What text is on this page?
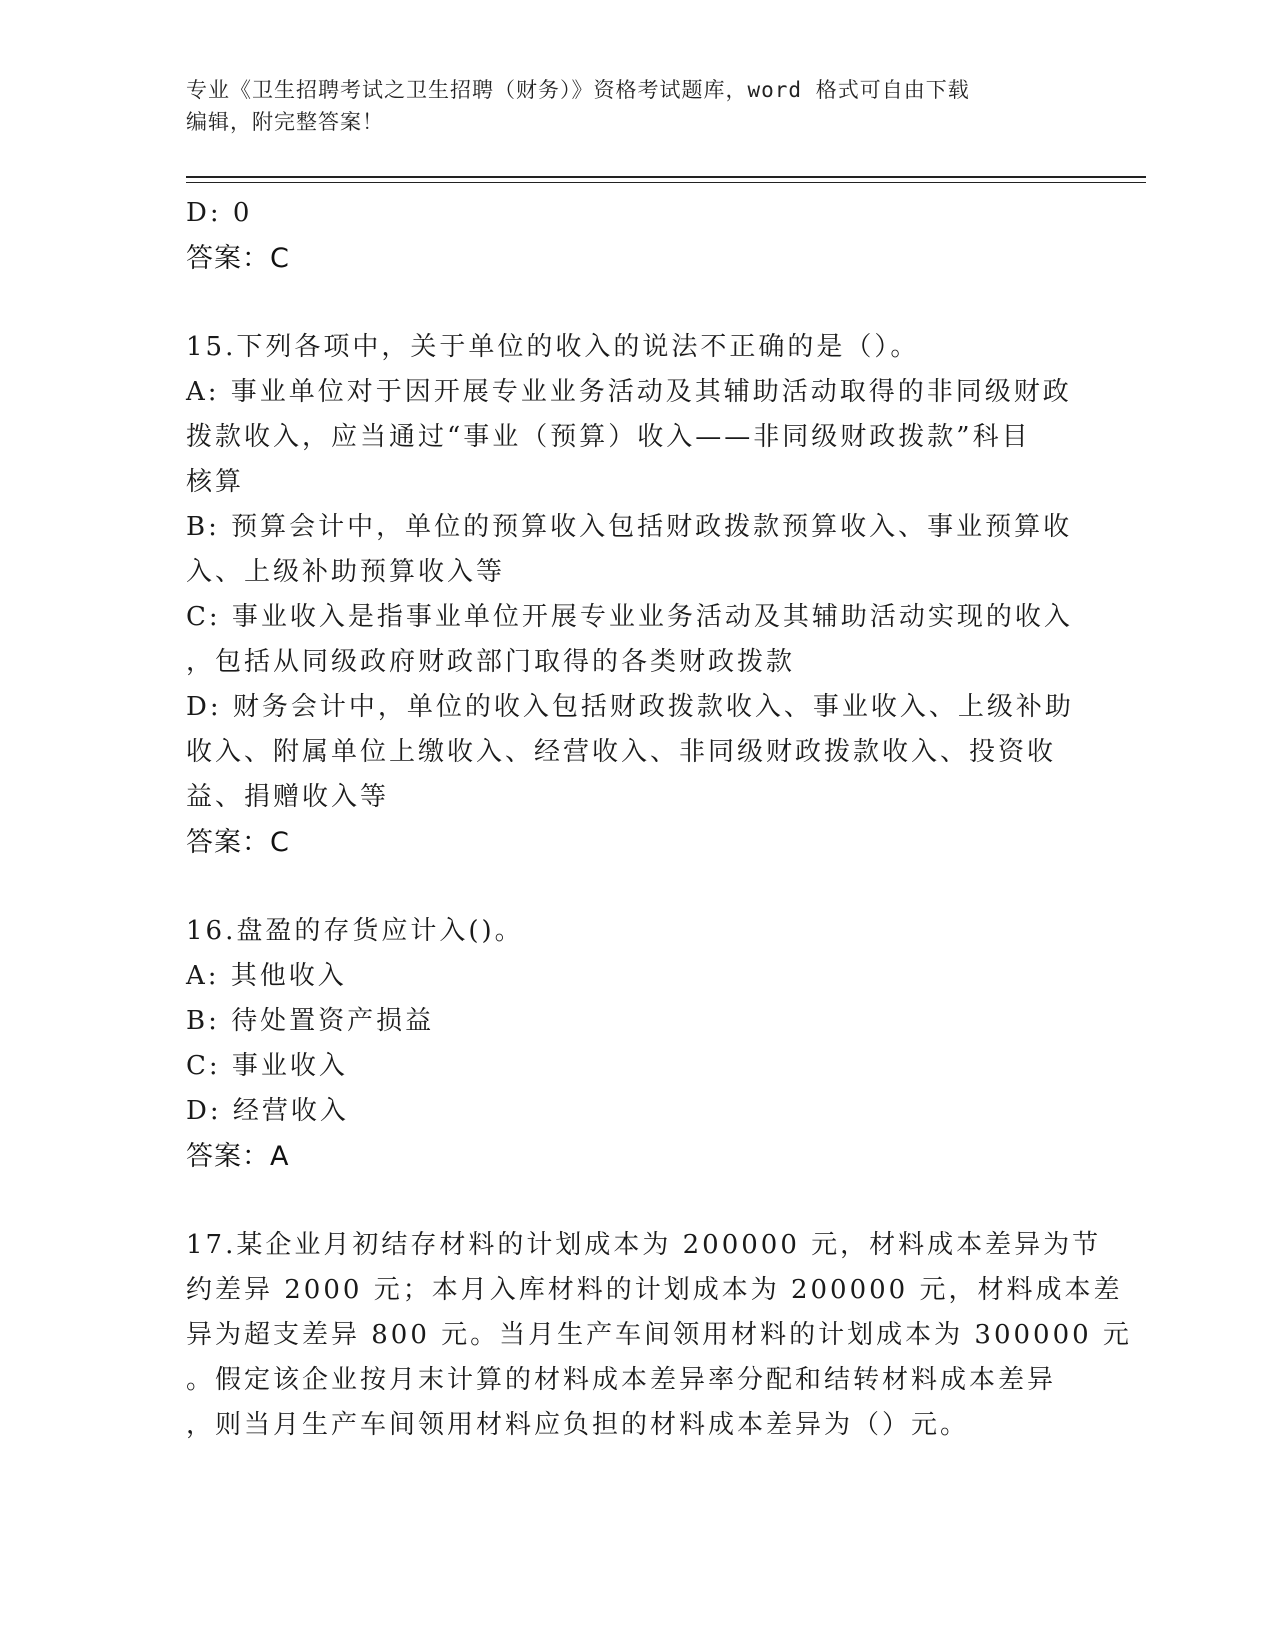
专业《卫生招聘考试之卫生招聘（财务）》资格考试题库，word 格式可自由下载
编辑，附完整答案！
D: 0
答案：C
15.下列各项中，关于单位的收入的说法不正确的是（）。
A: 事业单位对于因开展专业业务活动及其辅助活动取得的非同级财政
拨款收入，应当通过“事业（预算）收入——非同级财政拨款”科目
核算
B: 预算会计中，单位的预算收入包括财政拨款预算收入、事业预算收
入、上级补助预算收入等
C: 事业收入是指事业单位开展专业业务活动及其辅助活动实现的收入
，包括从同级政府财政部门取得的各类财政拨款
D: 财务会计中，单位的收入包括财政拨款收入、事业收入、上级补助
收入、附属单位上缴收入、经营收入、非同级财政拨款收入、投资收
益、捐赠收入等
答案：C
16.盘盈的存货应计入()。
A: 其他收入
B: 待处置资产损益
C: 事业收入
D: 经营收入
答案：A
17.某企业月初结存材料的计划成本为 200000 元，材料成本差异为节
约差异 2000 元；本月入库材料的计划成本为 200000 元，材料成本差
异为超支差异 800 元。当月生产车间领用材料的计划成本为 300000 元
。假定该企业按月末计算的材料成本差异率分配和结转材料成本差异
，则当月生产车间领用材料应负担的材料成本差异为（）元。
